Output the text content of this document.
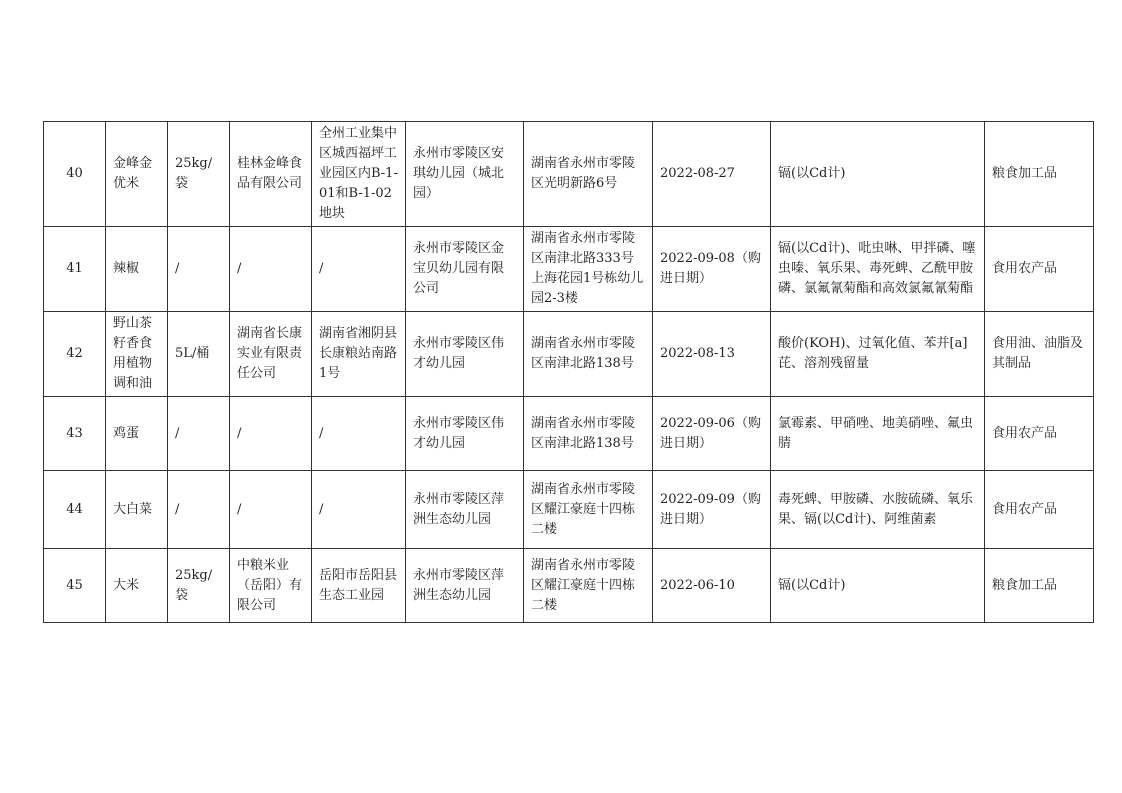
40	金峰金优米	25kg/袋	桂林金峰食品有限公司	全州工业集中区城西福坪工业园区内B-1-01和B-1-02地块	永州市零陵区安琪幼儿园（城北园）	湖南省永州市零陵区光明新路6号	2022-08-27	镉(以Cd计)	粮食加工品
41	辣椒	/	/	/	永州市零陵区金宝贝幼儿园有限公司	湖南省永州市零陵区南津北路333号上海花园1号栋幼儿园2-3楼	2022-09-08（购进日期）	镉(以Cd计)、吡虫啉、甲拌磷、噻虫嗪、氧乐果、毒死蜱、乙酰甲胺磷、氯氟氰菊酯和高效氯氟氰菊酯	食用农产品
42	野山茶籽香食用植物调和油	5L/桶	湖南省长康实业有限责任公司	湖南省湘阴县长康粮站南路1号	永州市零陵区伟才幼儿园	湖南省永州市零陵区南津北路138号	2022-08-13	酸价(KOH)、过氧化值、苯并[a]芘、溶剂残留量	食用油、油脂及其制品
43	鸡蛋	/	/	/	永州市零陵区伟才幼儿园	湖南省永州市零陵区南津北路138号	2022-09-06（购进日期）	氯霉素、甲硝唑、地美硝唑、氟虫腈	食用农产品
44	大白菜	/	/	/	永州市零陵区萍洲生态幼儿园	湖南省永州市零陵区耀江豪庭十四栋二楼	2022-09-09（购进日期）	毒死蜱、甲胺磷、水胺硫磷、氧乐果、镉(以Cd计)、阿维菌素	食用农产品
45	大米	25kg/袋	中粮米业（岳阳）有限公司	岳阳市岳阳县生态工业园	永州市零陵区萍洲生态幼儿园	湖南省永州市零陵区耀江豪庭十四栋二楼	2022-06-10	镉(以Cd计)	粮食加工品
